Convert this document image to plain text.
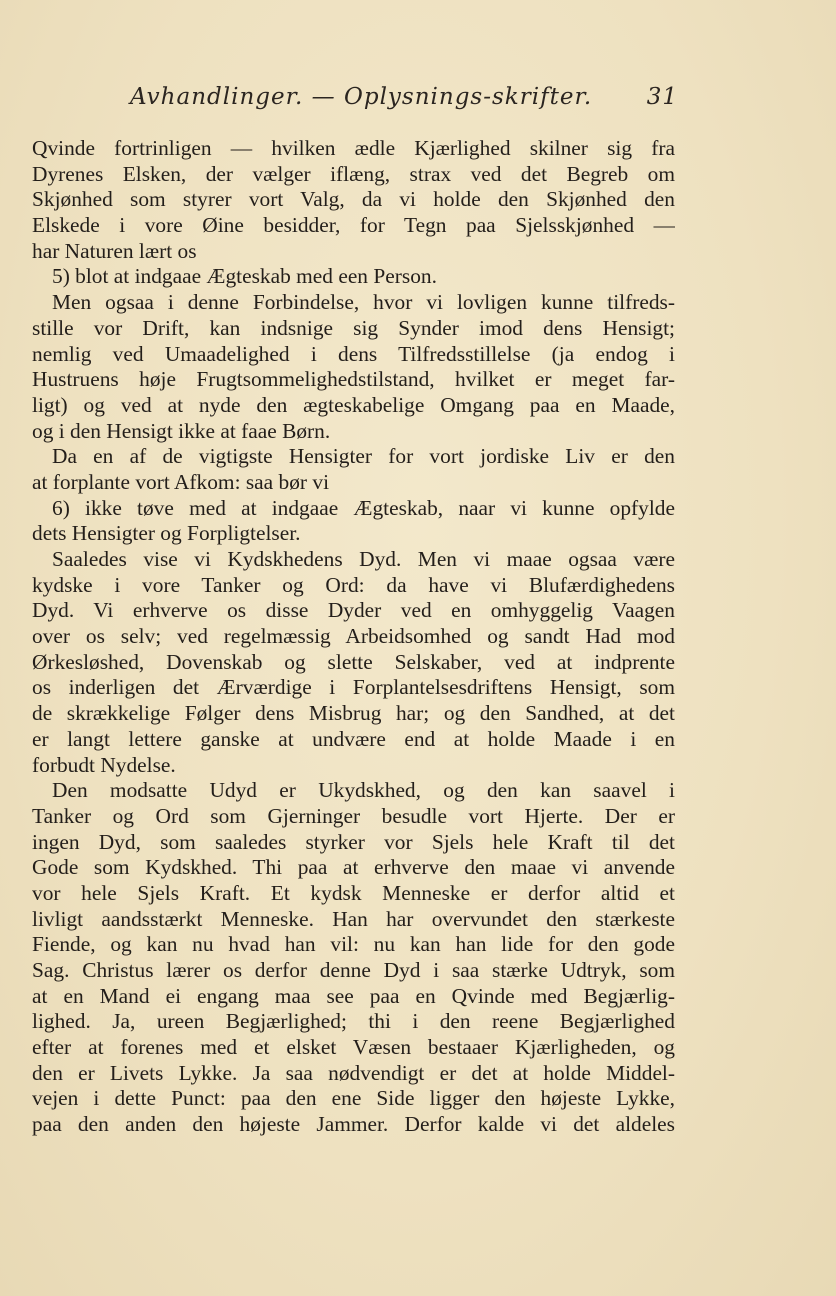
Avhandlinger. — Oplysnings-skrifter. 31
Qvinde fortrinligen — hvilken ædle Kjærlighed skilner sig fra
Dyrenes Elsken, der vælger iflæng, strax ved det Begreb om
Skjønhed som styrer vort Valg, da vi holde den Skjønhed den
Elskede i vore Øine besidder, for Tegn paa Sjelsskjønhed —
har Naturen lært os
5) blot at indgaae Ægteskab med een Person.
Men ogsaa i denne Forbindelse, hvor vi lovligen kunne tilfreds-
stille vor Drift, kan indsnige sig Synder imod dens Hensigt;
nemlig ved Umaadelighed i dens Tilfredsstillelse (ja endog i
Hustruens høje Frugtsommelighedstilstand, hvilket er meget far-
ligt) og ved at nyde den ægteskabelige Omgang paa en Maade,
og i den Hensigt ikke at faae Børn.
Da en af de vigtigste Hensigter for vort jordiske Liv er den
at forplante vort Afkom: saa bør vi
6) ikke tøve med at indgaae Ægteskab, naar vi kunne opfylde
dets Hensigter og Forpligtelser.
Saaledes vise vi Kydskhedens Dyd. Men vi maae ogsaa være
kydske i vore Tanker og Ord: da have vi Blufærdighedens
Dyd. Vi erhverve os disse Dyder ved en omhyggelig Vaagen
over os selv; ved regelmæssig Arbeidsomhed og sandt Had mod
Ørkesløshed, Dovenskab og slette Selskaber, ved at indprente
os inderligen det Ærværdige i Forplantelsesdriftens Hensigt, som
de skrækkelige Følger dens Misbrug har; og den Sandhed, at det
er langt lettere ganske at undvære end at holde Maade i en
forbudt Nydelse.
Den modsatte Udyd er Ukydskhed, og den kan saavel i
Tanker og Ord som Gjerninger besudle vort Hjerte. Der er
ingen Dyd, som saaledes styrker vor Sjels hele Kraft til det
Gode som Kydskhed. Thi paa at erhverve den maae vi anvende
vor hele Sjels Kraft. Et kydsk Menneske er derfor altid et
livligt aandsstærkt Menneske. Han har overvundet den stærkeste
Fiende, og kan nu hvad han vil: nu kan han lide for den gode
Sag. Christus lærer os derfor denne Dyd i saa stærke Udtryk, som
at en Mand ei engang maa see paa en Qvinde med Begjærlig-
lighed. Ja, ureen Begjærlighed; thi i den reene Begjærlighed
efter at forenes med et elsket Væsen bestaaer Kjærligheden, og
den er Livets Lykke. Ja saa nødvendigt er det at holde Middel-
vejen i dette Punct: paa den ene Side ligger den højeste Lykke,
paa den anden den højeste Jammer. Derfor kalde vi det aldeles
